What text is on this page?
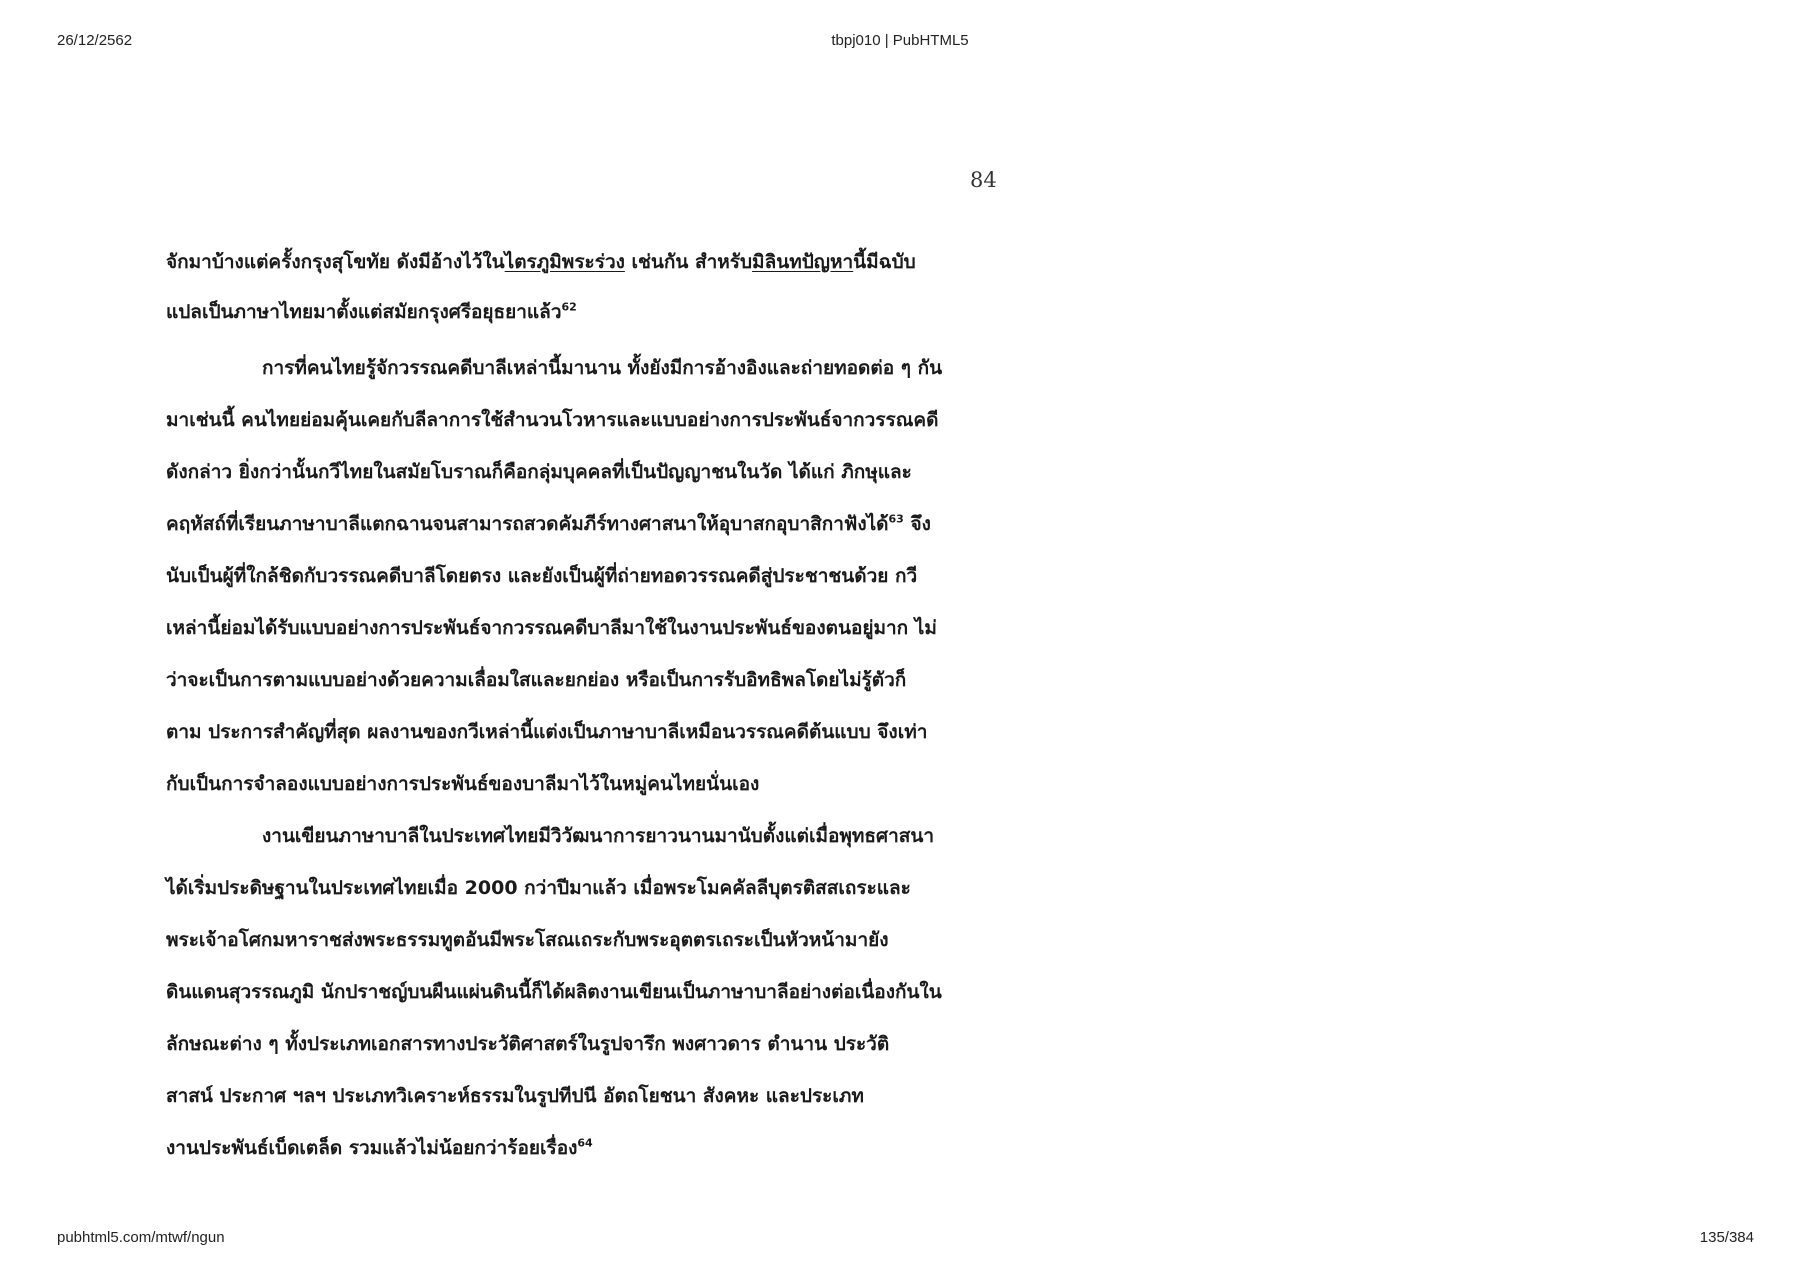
26/12/2562	tbpj010 | PubHTML5
84
จักมาบ้างแต่ครั้งกรุงสุโขทัย ดังมีอ้างไว้ในไตรภูมิพระร่วง เช่นกัน สำหรับมิลินทปัญหานี้มีฉบับ
แปลเป็นภาษาไทยมาตั้งแต่สมัยกรุงศรีอยุธยาแล้ว$^{62}$
การที่คนไทยรู้จักวรรณคดีบาลีเหล่านี้มานาน ทั้งยังมีการอ้างอิงและถ่ายทอดต่อ ๆ กัน
มาเช่นนี้ คนไทยย่อมคุ้นเคยกับลีลาการใช้สำนวนโวหารและแบบอย่างการประพันธ์จากวรรณคดี
ดังกล่าว ยิ่งกว่านั้นกวีไทยในสมัยโบราณก็คือกลุ่มบุคคลที่เป็นปัญญาชนในวัด ได้แก่ ภิกษุและ
คฤหัสถ์ที่เรียนภาษาบาลีแตกฉานจนสามารถสวดคัมภีร์ทางศาสนาให้อุบาสกอุบาสิกาฟังได้$^{63}$ จึง
นับเป็นผู้ที่ใกล้ชิดกับวรรณคดีบาลีโดยตรง และยังเป็นผู้ที่ถ่ายทอดวรรณคดีสู่ประชาชนด้วย กวี
เหล่านี้ย่อมได้รับแบบอย่างการประพันธ์จากวรรณคดีบาลีมาใช้ในงานประพันธ์ของตนอยู่มาก ไม่
ว่าจะเป็นการตามแบบอย่างด้วยความเลื่อมใสและยกย่อง หรือเป็นการรับอิทธิพลโดยไม่รู้ตัวก็
ตาม ประการสำคัญที่สุด ผลงานของกวีเหล่านี้แต่งเป็นภาษาบาลีเหมือนวรรณคดีต้นแบบ จึงเท่า
กับเป็นการจำลองแบบอย่างการประพันธ์ของบาลีมาไว้ในหมู่คนไทยนั่นเอง
งานเขียนภาษาบาลีในประเทศไทยมีวิวัฒนาการยาวนานมานับตั้งแต่เมื่อพุทธศาสนา
ได้เริ่มประดิษฐานในประเทศไทยเมื่อ 2000 กว่าปีมาแล้ว เมื่อพระโมคคัลลีบุตรติสสเถระและ
พระเจ้าอโศกมหาราชส่งพระธรรมทูตอันมีพระโสณเถระกับพระอุตตรเถระเป็นหัวหน้ามายัง
ดินแดนสุวรรณภูมิ นักปราชญ์บนผืนแผ่นดินนี้ก็ได้ผลิตงานเขียนเป็นภาษาบาลีอย่างต่อเนื่องกันใน
ลักษณะต่าง ๆ ทั้งประเภทเอกสารทางประวัติศาสตร์ในรูปจารึก พงศาวดาร ตำนาน ประวัติ
สาสน์ ประกาศ ฯลฯ ประเภทวิเคราะห์ธรรมในรูปทีปนี อัตถโยชนา สังคหะ และประเภท
งานประพันธ์เบ็ดเตล็ด รวมแล้วไม่น้อยกว่าร้อยเรื่อง$^{64}$
pubhtml5.com/mtwf/ngun	135/384
